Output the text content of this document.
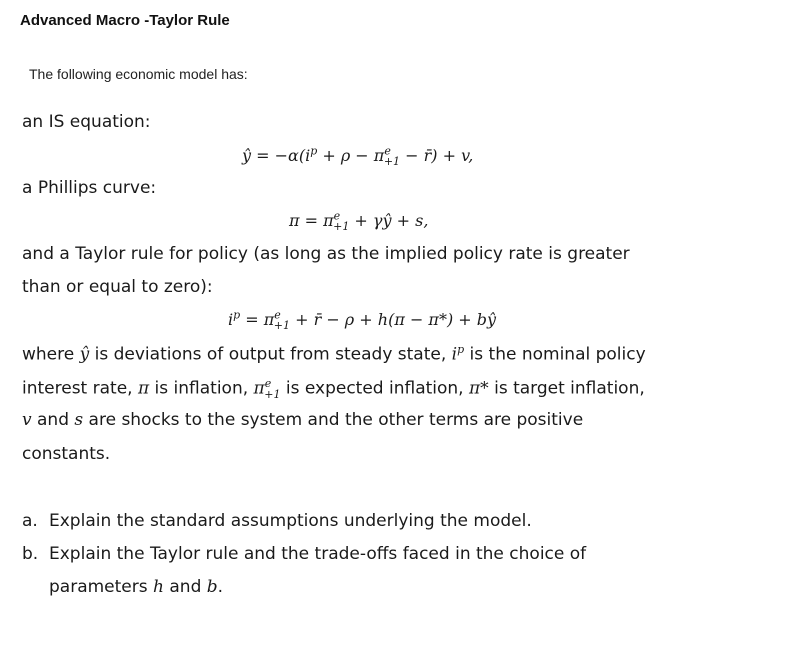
Advanced Macro -Taylor Rule
The following economic model has:
an IS equation:
ŷ = $-\alpha(i^p + \rho - \pi^e_{+1}$ − r̄) + v,
a Phillips curve:
$\pi = \pi^e_{+1}$ + γŷ + s,
and a Taylor rule for policy (as long as the implied policy rate is greater
than or equal to zero):
$i^p = \pi^e_{+1}$ + r̄ − ρ + h(π − π*) + bŷ
where ŷ is deviations of output from steady state, $i^p$ is the nominal policy
interest rate, π is inflation, $\pi^e_{+1}$ is expected inflation, π* is target inflation,
v and s are shocks to the system and the other terms are positive
constants.
a. Explain the standard assumptions underlying the model.
b. Explain the Taylor rule and the trade-offs faced in the choice of
parameters h and b.
